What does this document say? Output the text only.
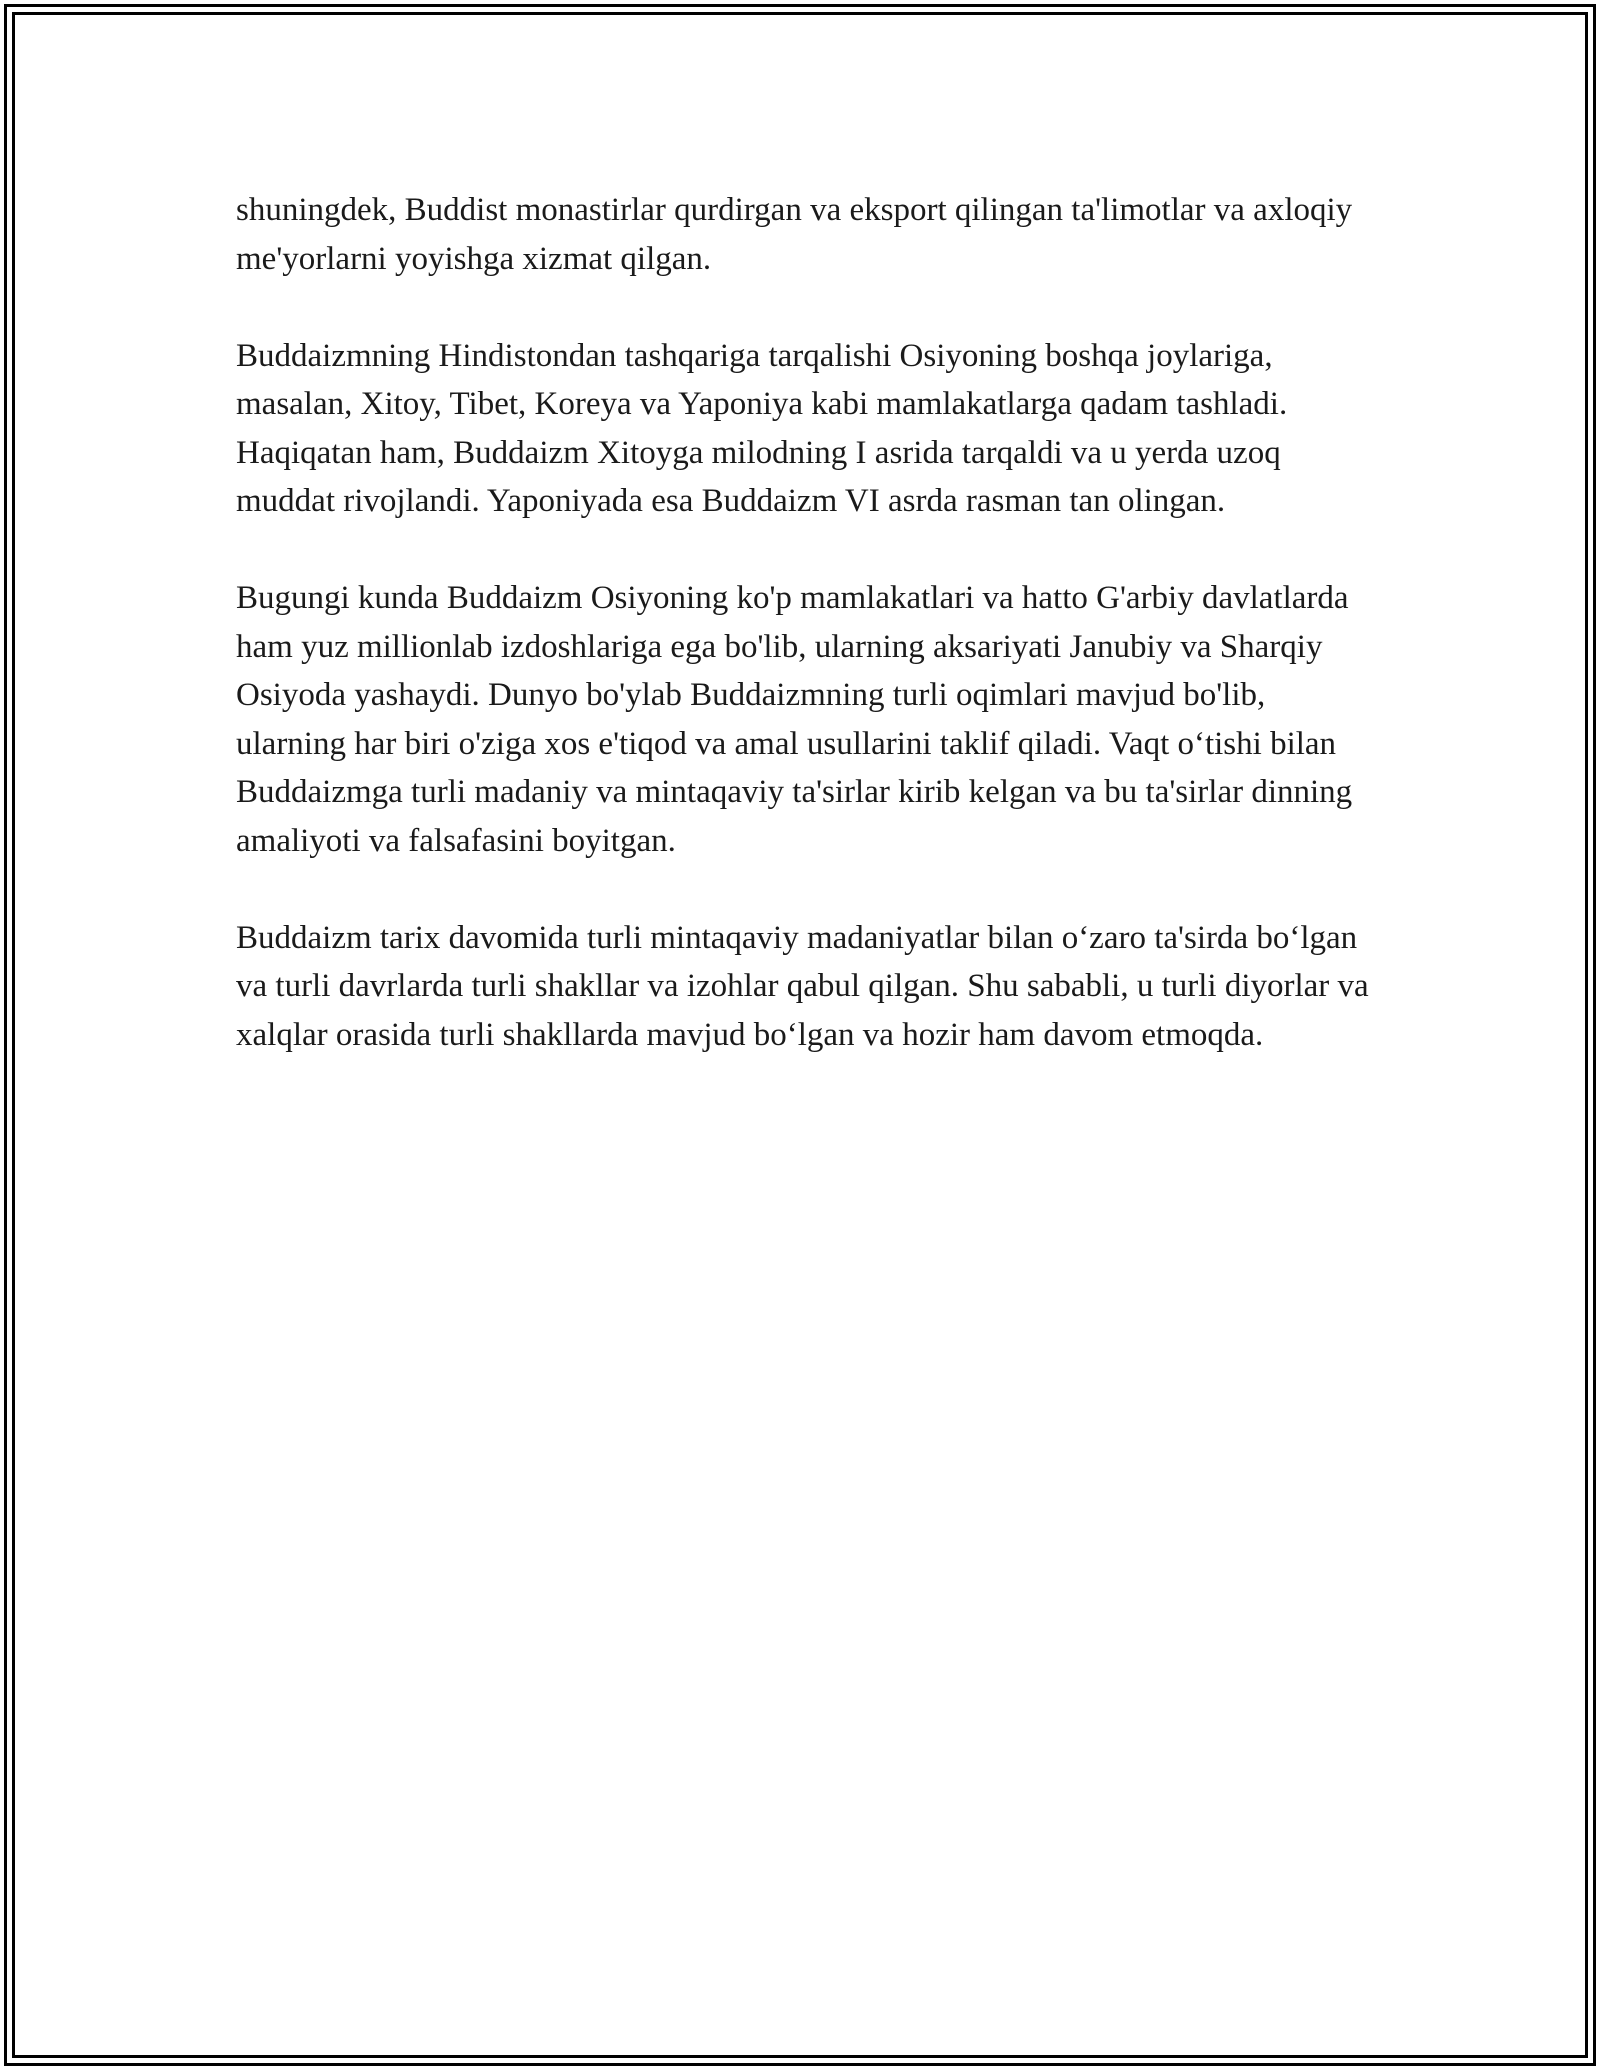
shuningdek, Buddist monastirlar qurdirgan va eksport qilingan ta'limotlar va axloqiy me'yorlarni yoyishga xizmat qilgan.

Buddaizmning Hindistondan tashqariga tarqalishi Osiyoning boshqa joylariga, masalan, Xitoy, Tibet, Koreya va Yaponiya kabi mamlakatlarga qadam tashladi. Haqiqatan ham, Buddaizm Xitoyga milodning I asrida tarqaldi va u yerda uzoq muddat rivojlandi. Yaponiyada esa Buddaizm VI asrda rasman tan olingan.

Bugungi kunda Buddaizm Osiyoning ko'p mamlakatlari va hatto G'arbiy davlatlarda ham yuz millionlab izdoshlariga ega bo'lib, ularning aksariyati Janubiy va Sharqiy Osiyoda yashaydi. Dunyo bo'ylab Buddaizmning turli oqimlari mavjud bo'lib, ularning har biri o'ziga xos e'tiqod va amal usullarini taklif qiladi. Vaqt o‘tishi bilan Buddaizmga turli madaniy va mintaqaviy ta'sirlar kirib kelgan va bu ta'sirlar dinning amaliyoti va falsafasini boyitgan.

Buddaizm tarix davomida turli mintaqaviy madaniyatlar bilan o‘zaro ta'sirda bo‘lgan va turli davrlarda turli shakllar va izohlar qabul qilgan. Shu sababli, u turli diyorlar va xalqlar orasida turli shakllarda mavjud bo‘lgan va hozir ham davom etmoqda.
